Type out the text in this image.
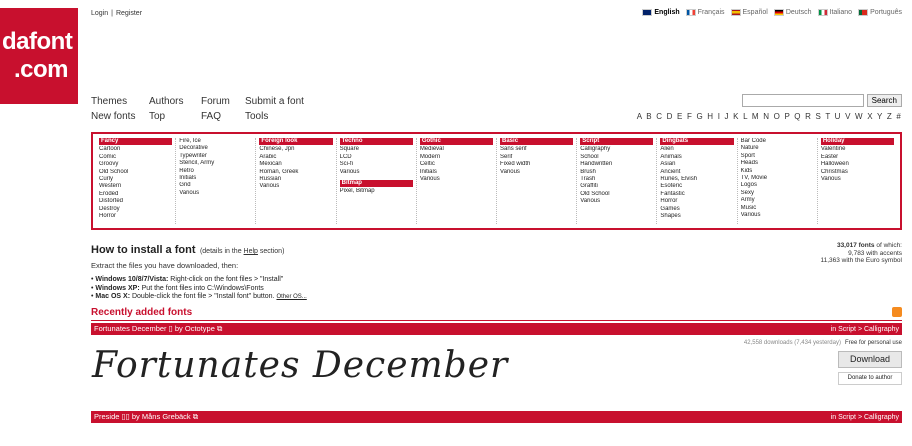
dafont
.com
Login | Register	English	Français	Español	Deutsch	Italiano	Português
Themes	Authors	Forum	Submit a font
New fonts	Top	FAQ	Tools
Search
A B C D E F G H I J K L M N O P Q R S T U V W X Y Z #
Fancy
Cartoon
Comic
Groovy
Old School
Curly
Western
Eroded
Distorted
Destroy
Horror
Fire, Ice
Decorative
Typewriter
Stencil, Army
Retro
Initials
Grid
Various
Foreign look
Chinese, Jpn
Arabic
Mexican
Roman, Greek
Russian
Various
Techno
Square
LCD
Sci-fi
Various
Bitmap
Pixel, Bitmap
Gothic
Medieval
Modern
Celtic
Initials
Various
Basic
Sans serif
Serif
Fixed width
Various
Script
Calligraphy
School
Handwritten
Brush
Trash
Graffiti
Old School
Various
Dingbats
Alien
Animals
Asian
Ancient
Runes, Elvish
Esoteric
Fantastic
Horror
Games
Shapes
Bar Code
Nature
Sport
Heads
Kids
TV, Movie
Logos
Sexy
Army
Music
Various
Holiday
Valentine
Easter
Halloween
Christmas
Various
How to install a font (details in the Help section)
Extract the files you have downloaded, then:
• Windows 10/8/7/Vista: Right-click on the font files > "Install"
• Windows XP: Put the font files into C:\Windows\Fonts
• Mac OS X: Double-click the font file > "Install font" button. Other OS...
33,017 fonts of which:
9,783 with accents
11,363 with the Euro symbol
Recently added fonts
Fortunates December ▯ by Octotype ⧉	in Script > Calligraphy
42,558 downloads (7,434 yesterday) Free for personal use
Fortunates December	Download
Donate to author
Preside ▯▯ by Måns Grebäck ⧉	in Script > Calligraphy
